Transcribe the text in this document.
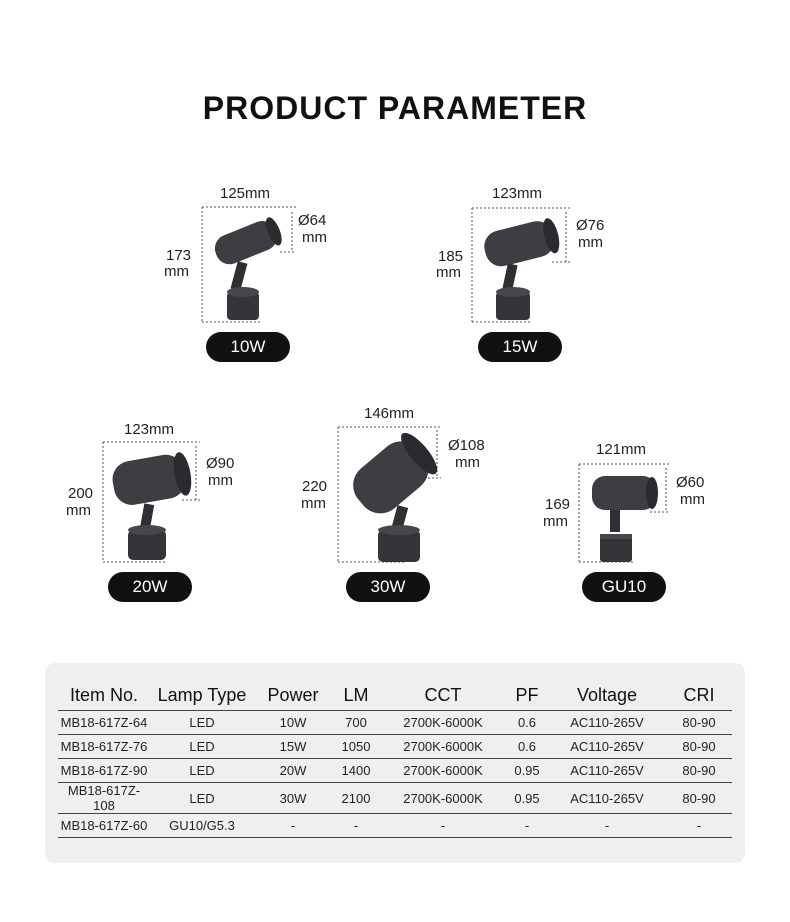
PRODUCT PARAMETER
125mm
Ø64
mm
173
mm
10W
123mm
Ø76
mm
185
mm
15W
123mm
Ø90
mm
200
mm
20W
146mm
Ø108
mm
220
mm
30W
121mm
Ø60
mm
169
mm
GU10
Item No.	Lamp Type	Power	LM	CCT	PF	Voltage	CRI
MB18-617Z-64	LED	10W	700	2700K-6000K	0.6	AC110-265V	80-90
MB18-617Z-76	LED	15W	1050	2700K-6000K	0.6	AC110-265V	80-90
MB18-617Z-90	LED	20W	1400	2700K-6000K	0.95	AC110-265V	80-90
MB18-617Z-108	LED	30W	2100	2700K-6000K	0.95	AC110-265V	80-90
MB18-617Z-60	GU10/G5.3	-	-	-	-	-	-
